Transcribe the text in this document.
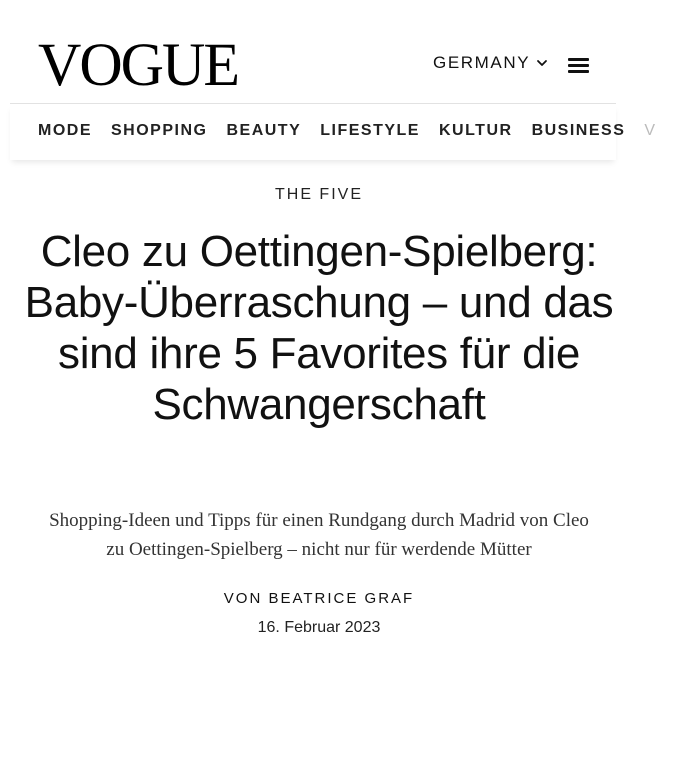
VOGUE	GERMANY
MODE SHOPPING BEAUTY LIFESTYLE KULTUR BUSINESS V
THE FIVE
Cleo zu Oettingen-Spielberg: Baby-Überraschung – und das sind ihre 5 Favorites für die Schwangerschaft

Shopping-Ideen und Tipps für einen Rundgang durch Madrid von Cleo zu Oettingen-Spielberg – nicht nur für werdende Mütter

VON BEATRICE GRAF
16. Februar 2023
